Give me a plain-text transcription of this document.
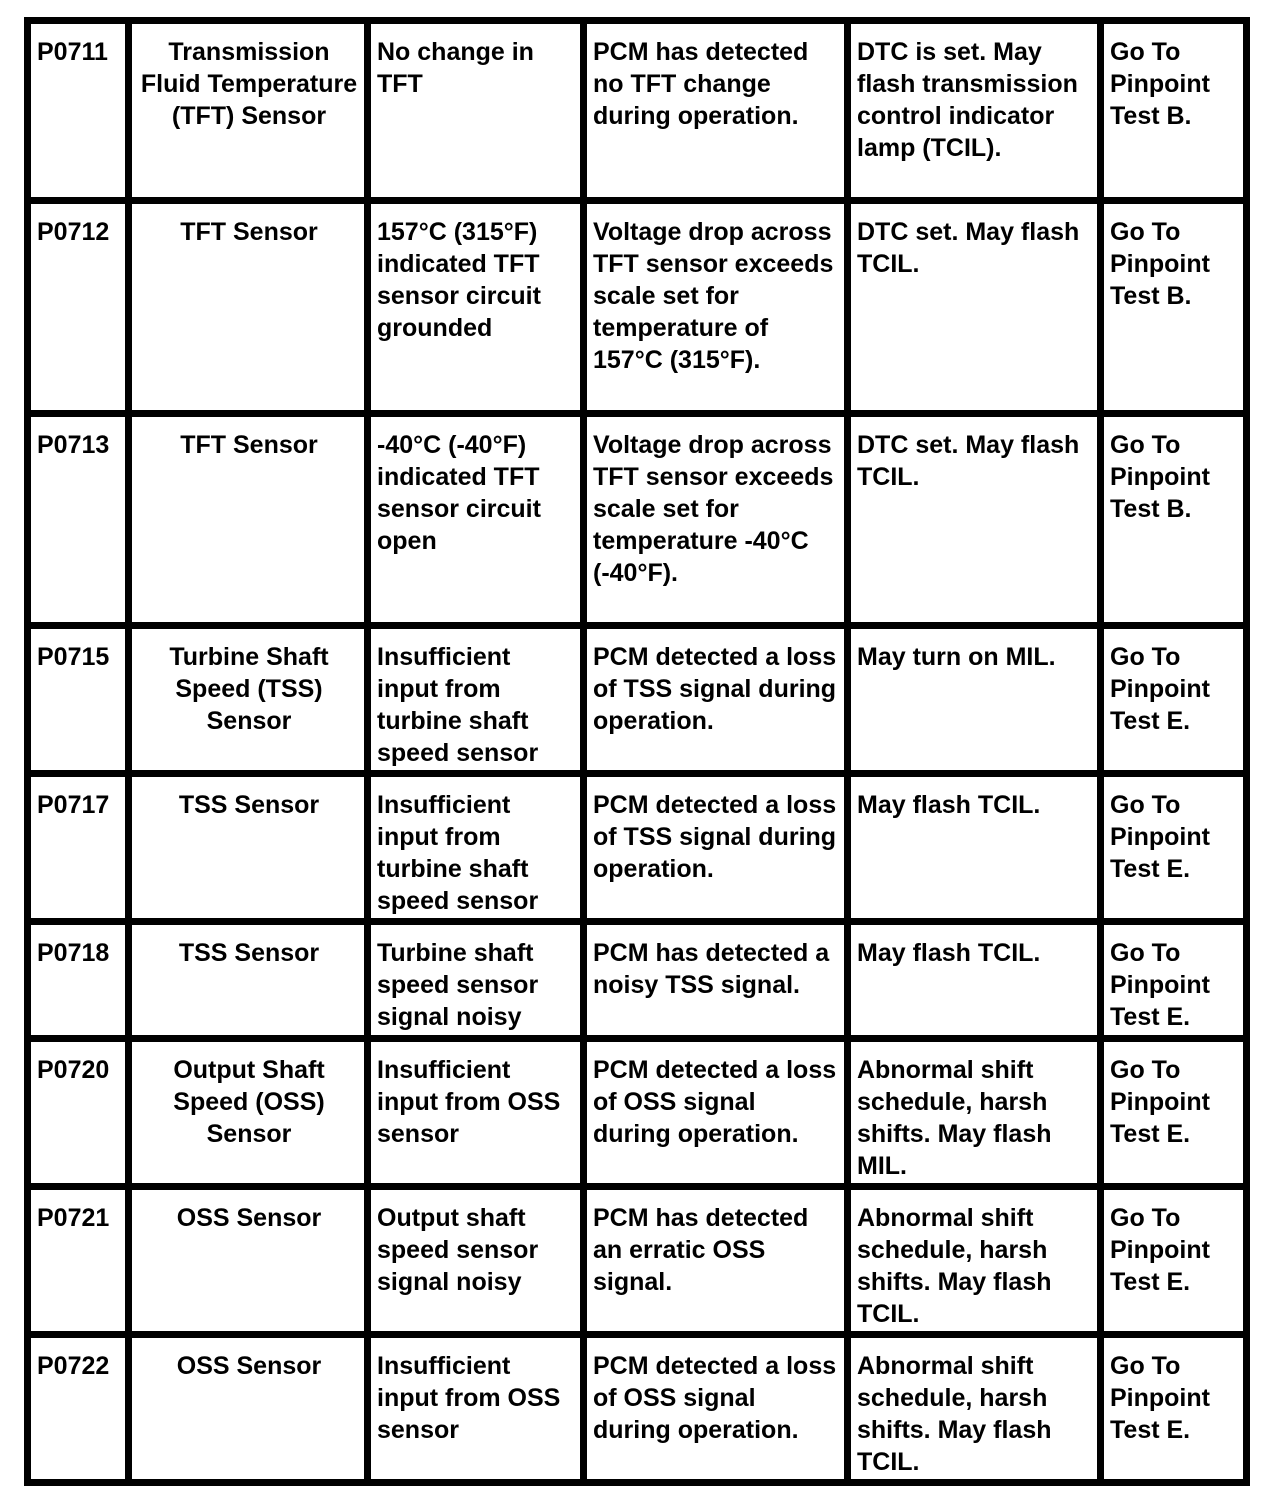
P0711	Transmission Fluid Temperature (TFT) Sensor	No change in TFT	PCM has detected no TFT change during operation.	DTC is set. May flash transmission control indicator lamp (TCIL).	Go To Pinpoint Test B.
P0712	TFT Sensor	157°C (315°F) indicated TFT sensor circuit grounded	Voltage drop across TFT sensor exceeds scale set for temperature of 157°C (315°F).	DTC set. May flash TCIL.	Go To Pinpoint Test B.
P0713	TFT Sensor	-40°C (-40°F) indicated TFT sensor circuit open	Voltage drop across TFT sensor exceeds scale set for temperature -40°C (-40°F).	DTC set. May flash TCIL.	Go To Pinpoint Test B.
P0715	Turbine Shaft Speed (TSS) Sensor	Insufficient input from turbine shaft speed sensor	PCM detected a loss of TSS signal during operation.	May turn on MIL.	Go To Pinpoint Test E.
P0717	TSS Sensor	Insufficient input from turbine shaft speed sensor	PCM detected a loss of TSS signal during operation.	May flash TCIL.	Go To Pinpoint Test E.
P0718	TSS Sensor	Turbine shaft speed sensor signal noisy	PCM has detected a noisy TSS signal.	May flash TCIL.	Go To Pinpoint Test E.
P0720	Output Shaft Speed (OSS) Sensor	Insufficient input from OSS sensor	PCM detected a loss of OSS signal during operation.	Abnormal shift schedule, harsh shifts. May flash MIL.	Go To Pinpoint Test E.
P0721	OSS Sensor	Output shaft speed sensor signal noisy	PCM has detected an erratic OSS signal.	Abnormal shift schedule, harsh shifts. May flash TCIL.	Go To Pinpoint Test E.
P0722	OSS Sensor	Insufficient input from OSS sensor	PCM detected a loss of OSS signal during operation.	Abnormal shift schedule, harsh shifts. May flash TCIL.	Go To Pinpoint Test E.
